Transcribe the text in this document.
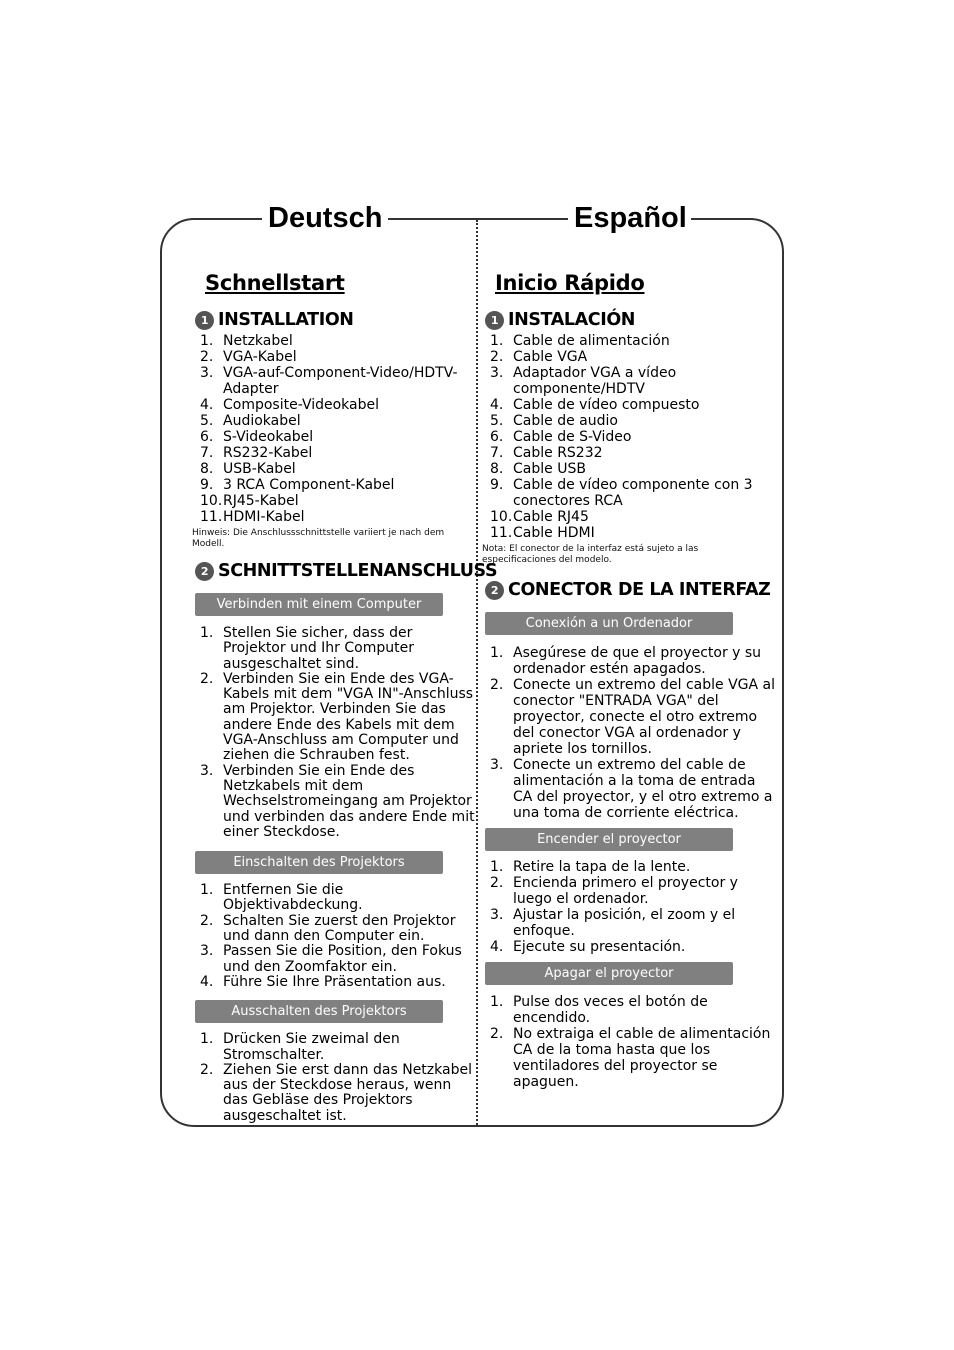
Deutsch	Español
Schnellstart
1 INSTALLATION
1. Netzkabel
2. VGA-Kabel
3. VGA-auf-Component-Video/HDTV-Adapter
4. Composite-Videokabel
5. Audiokabel
6. S-Videokabel
7. RS232-Kabel
8. USB-Kabel
9. 3 RCA Component-Kabel
10. RJ45-Kabel
11. HDMI-Kabel
Hinweis: Die Anschlussschnittstelle variiert je nach dem Modell.
2 SCHNITTSTELLENANSCHLUSS
Verbinden mit einem Computer
1. Stellen Sie sicher, dass der Projektor und Ihr Computer ausgeschaltet sind.
2. Verbinden Sie ein Ende des VGA-Kabels mit dem "VGA IN"-Anschluss am Projektor. Verbinden Sie das andere Ende des Kabels mit dem VGA-Anschluss am Computer und ziehen die Schrauben fest.
3. Verbinden Sie ein Ende des Netzkabels mit dem Wechselstromeingang am Projektor und verbinden das andere Ende mit einer Steckdose.
Einschalten des Projektors
1. Entfernen Sie die Objektivabdeckung.
2. Schalten Sie zuerst den Projektor und dann den Computer ein.
3. Passen Sie die Position, den Fokus und den Zoomfaktor ein.
4. Führe Sie Ihre Präsentation aus.
Ausschalten des Projektors
1. Drücken Sie zweimal den Stromschalter.
2. Ziehen Sie erst dann das Netzkabel aus der Steckdose heraus, wenn das Gebläse des Projektors ausgeschaltet ist.
Inicio Rápido
1 INSTALACIÓN
1. Cable de alimentación
2. Cable VGA
3. Adaptador VGA a vídeo componente/HDTV
4. Cable de vídeo compuesto
5. Cable de audio
6. Cable de S-Video
7. Cable RS232
8. Cable USB
9. Cable de vídeo componente con 3 conectores RCA
10. Cable RJ45
11. Cable HDMI
Nota: El conector de la interfaz está sujeto a las especificaciones del modelo.
2 CONECTOR DE LA INTERFAZ
Conexión a un Ordenador
1. Asegúrese de que el proyector y su ordenador estén apagados.
2. Conecte un extremo del cable VGA al conector "ENTRADA VGA" del proyector, conecte el otro extremo del conector VGA al ordenador y apriete los tornillos.
3. Conecte un extremo del cable de alimentación a la toma de entrada CA del proyector, y el otro extremo a una toma de corriente eléctrica.
Encender el proyector
1. Retire la tapa de la lente.
2. Encienda primero el proyector y luego el ordenador.
3. Ajustar la posición, el zoom y el enfoque.
4. Ejecute su presentación.
Apagar el proyector
1. Pulse dos veces el botón de encendido.
2. No extraiga el cable de alimentación CA de la toma hasta que los ventiladores del proyector se apaguen.
